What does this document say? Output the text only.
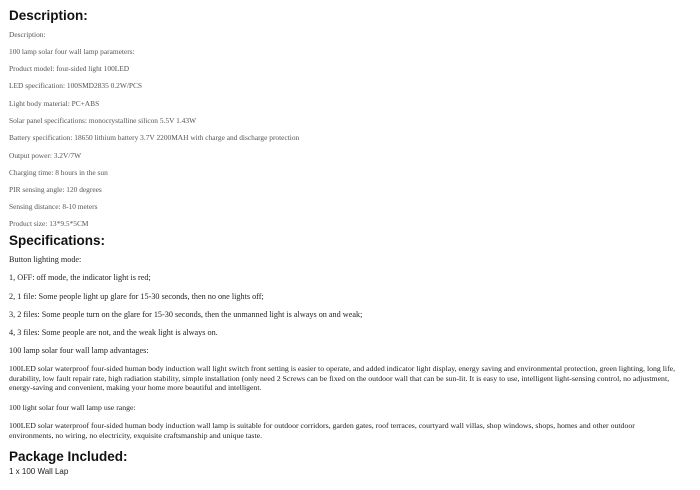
Description:

Description:

100 lamp solar four wall lamp parameters:

Product model: four-sided light 100LED

LED specification: 100SMD2835 0.2W/PCS

Light body material: PC+ABS

Solar panel specifications: monocrystalline silicon 5.5V 1.43W

Battery specification: 18650 lithium battery 3.7V 2200MAH with charge and discharge protection

Output power: 3.2V/7W

Charging time: 8 hours in the sun

PIR sensing angle: 120 degrees

Sensing distance: 8-10 meters

Product size: 13*9.5*5CM

Specifications:

Button lighting mode:

1, OFF: off mode, the indicator light is red;

2, 1 file: Some people light up glare for 15-30 seconds, then no one lights off;

3, 2 files: Some people turn on the glare for 15-30 seconds, then the unmanned light is always on and weak;

4, 3 files: Some people are not, and the weak light is always on.

100 lamp solar four wall lamp advantages:

100LED solar waterproof four-sided human body induction wall light switch front setting is easier to operate, and added indicator light display, energy saving and environmental protection, green lighting, long life, durability, low fault repair rate, high radiation stability, simple installation (only need 2 Screws can be fixed on the outdoor wall that can be sun-lit. It is easy to use, intelligent light-sensing control, no adjustment, energy-saving and convenient, making your home more beautiful and intelligent.

100 light solar four wall lamp use range:

100LED solar waterproof four-sided human body induction wall lamp is suitable for outdoor corridors, garden gates, roof terraces, courtyard wall villas, shop windows, shops, homes and other outdoor environments, no wiring, no electricity, exquisite craftsmanship and unique taste.

Package Included:

1 x 100 Wall Lap
